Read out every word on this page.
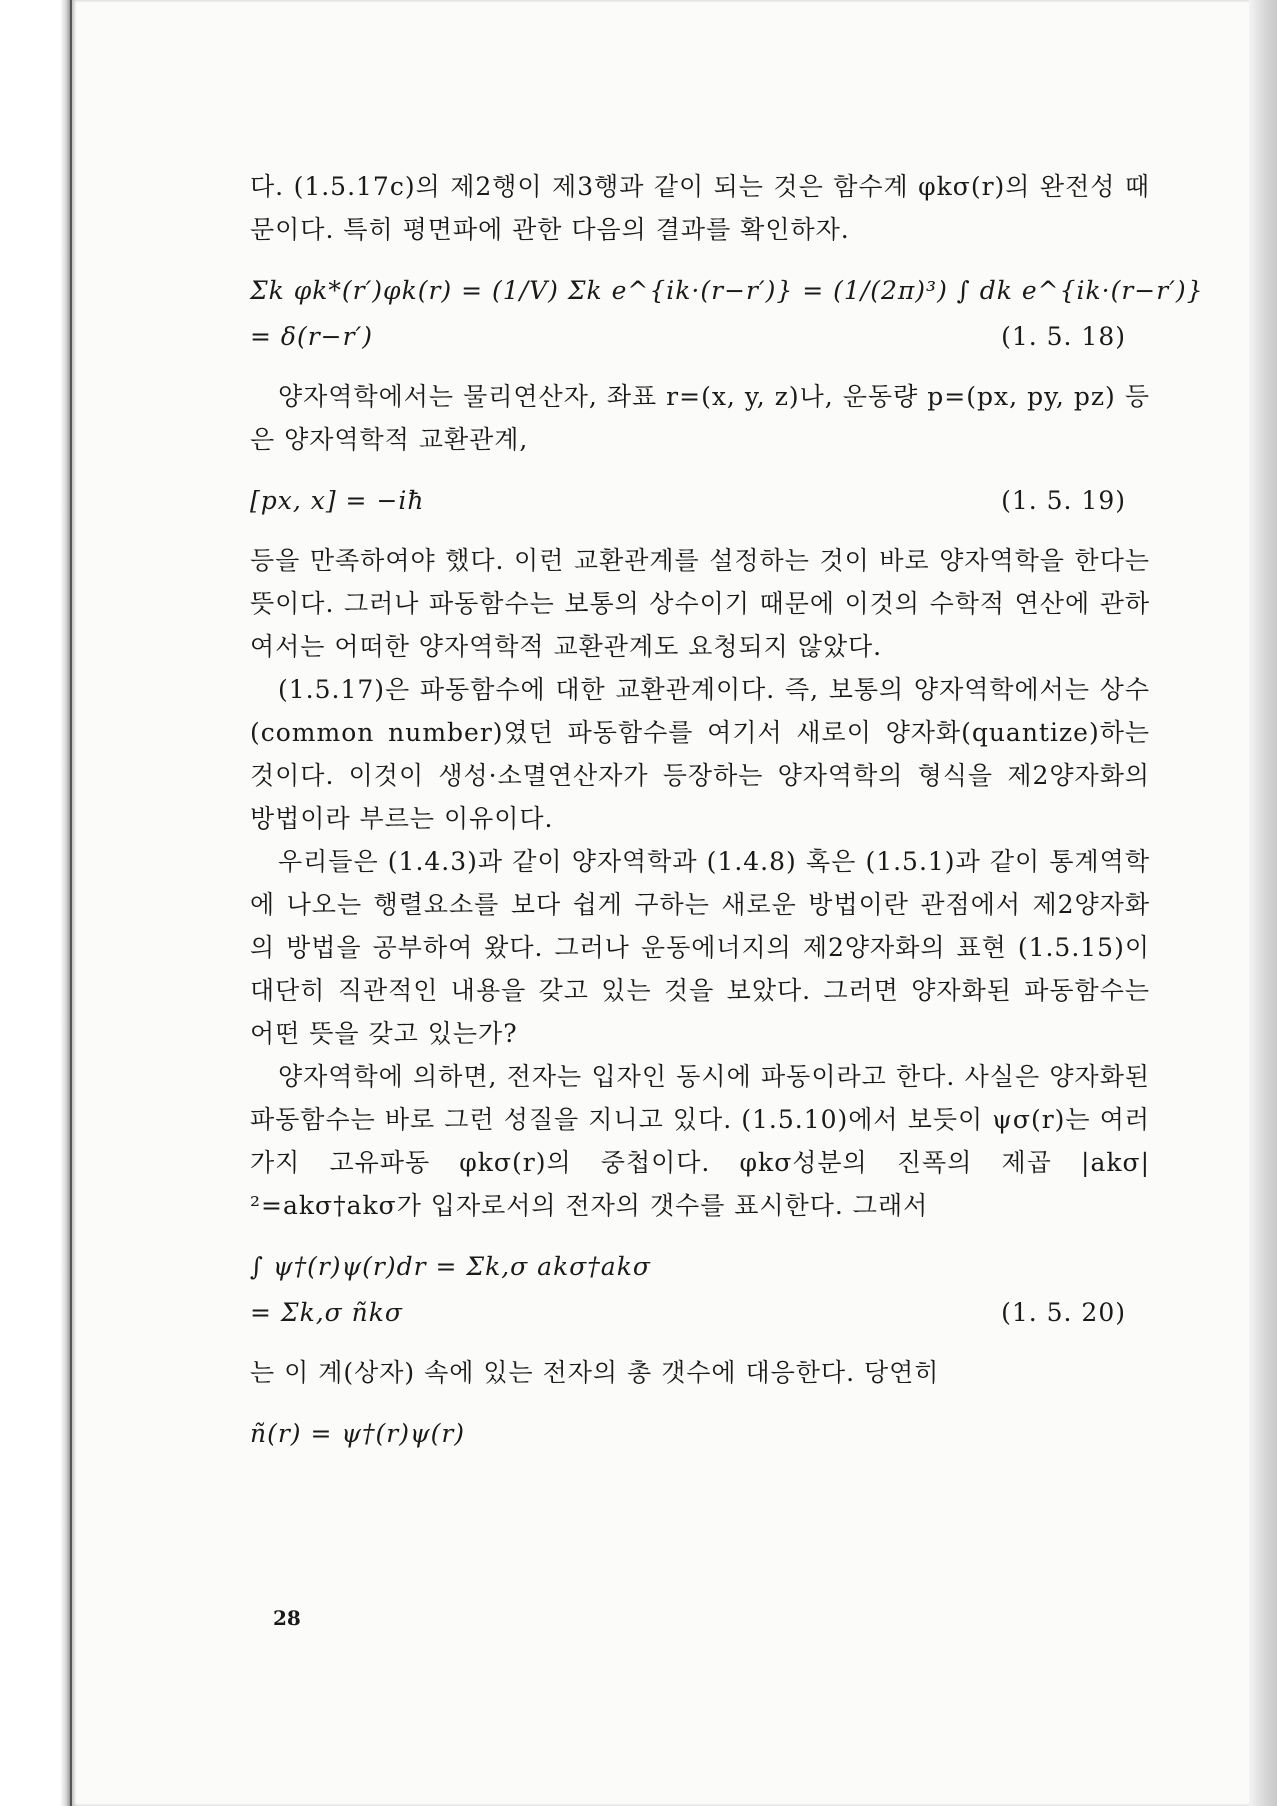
다. (1.5.17c)의 제2행이 제3행과 같이 되는 것은 함수계 φkσ(r)의 완전성 때문이다. 특히 평면파에 관한 다음의 결과를 확인하자.

Σk φk*(r′)φk(r) = (1/V) Σk e^{ik·(r−r′)} = (1/(2π)³) ∫ dk e^{ik·(r−r′)}
= δ(r−r′)	(1. 5. 18)

양자역학에서는 물리연산자, 좌표 r=(x, y, z)나, 운동량 p=(px, py, pz) 등은 양자역학적 교환관계,

[px, x] = −iħ	(1. 5. 19)

등을 만족하여야 했다. 이런 교환관계를 설정하는 것이 바로 양자역학을 한다는 뜻이다. 그러나 파동함수는 보통의 상수이기 때문에 이것의 수학적 연산에 관하여서는 어떠한 양자역학적 교환관계도 요청되지 않았다.

(1.5.17)은 파동함수에 대한 교환관계이다. 즉, 보통의 양자역학에서는 상수(common number)였던 파동함수를 여기서 새로이 양자화(quantize)하는 것이다. 이것이 생성·소멸연산자가 등장하는 양자역학의 형식을 제2양자화의 방법이라 부르는 이유이다.

우리들은 (1.4.3)과 같이 양자역학과 (1.4.8) 혹은 (1.5.1)과 같이 통계역학에 나오는 행렬요소를 보다 쉽게 구하는 새로운 방법이란 관점에서 제2양자화의 방법을 공부하여 왔다. 그러나 운동에너지의 제2양자화의 표현 (1.5.15)이 대단히 직관적인 내용을 갖고 있는 것을 보았다. 그러면 양자화된 파동함수는 어떤 뜻을 갖고 있는가?

양자역학에 의하면, 전자는 입자인 동시에 파동이라고 한다. 사실은 양자화된 파동함수는 바로 그런 성질을 지니고 있다. (1.5.10)에서 보듯이 ψσ(r)는 여러 가지 고유파동 φkσ(r)의 중첩이다. φkσ성분의 진폭의 제곱 |akσ|²=akσ†akσ가 입자로서의 전자의 갯수를 표시한다. 그래서

∫ ψ†(r)ψ(r)dr = Σk,σ akσ†akσ
= Σk,σ ñkσ	(1. 5. 20)

는 이 계(상자) 속에 있는 전자의 총 갯수에 대응한다. 당연히

ñ(r) = ψ†(r)ψ(r)
28
